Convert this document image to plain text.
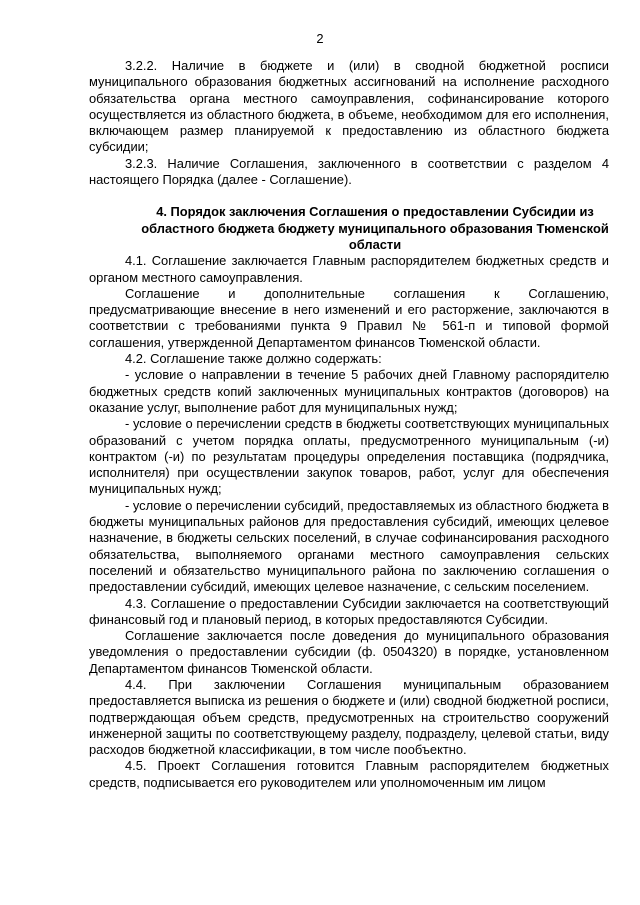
2

3.2.2. Наличие в бюджете и (или) в сводной бюджетной росписи муниципального образования бюджетных ассигнований на исполнение расходного обязательства органа местного самоуправления, софинансирование которого осуществляется из областного бюджета, в объеме, необходимом для его исполнения, включающем размер планируемой к предоставлению из областного бюджета субсидии;

3.2.3. Наличие Соглашения, заключенного в соответствии с разделом 4 настоящего Порядка (далее - Соглашение).

4. Порядок заключения Соглашения о предоставлении Субсидии из областного бюджета бюджету муниципального образования Тюменской области

4.1. Соглашение заключается Главным распорядителем бюджетных средств и органом местного самоуправления.

Соглашение и дополнительные соглашения к Соглашению, предусматривающие внесение в него изменений и его расторжение, заключаются в соответствии с требованиями пункта 9 Правил № 561-п и типовой формой соглашения, утвержденной Департаментом финансов Тюменской области.

4.2. Соглашение также должно содержать:

- условие о направлении в течение 5 рабочих дней Главному распорядителю бюджетных средств копий заключенных муниципальных контрактов (договоров) на оказание услуг, выполнение работ для муниципальных нужд;

- условие о перечислении средств в бюджеты соответствующих муниципальных образований с учетом порядка оплаты, предусмотренного муниципальным (-и) контрактом (-и) по результатам процедуры определения поставщика (подрядчика, исполнителя) при осуществлении закупок товаров, работ, услуг для обеспечения муниципальных нужд;

- условие о перечислении субсидий, предоставляемых из областного бюджета в бюджеты муниципальных районов для предоставления субсидий, имеющих целевое назначение, в бюджеты сельских поселений, в случае софинансирования расходного обязательства, выполняемого органами местного самоуправления сельских поселений и обязательство муниципального района по заключению соглашения о предоставлении субсидий, имеющих целевое назначение, с сельским поселением.

4.3. Соглашение о предоставлении Субсидии заключается на соответствующий финансовый год и плановый период, в которых предоставляются Субсидии.

Соглашение заключается после доведения до муниципального образования уведомления о предоставлении субсидии (ф. 0504320) в порядке, установленном Департаментом финансов Тюменской области.

4.4. При заключении Соглашения муниципальным образованием предоставляется выписка из решения о бюджете и (или) сводной бюджетной росписи, подтверждающая объем средств, предусмотренных на строительство сооружений инженерной защиты по соответствующему разделу, подразделу, целевой статьи, виду расходов бюджетной классификации, в том числе пообъектно.

4.5. Проект Соглашения готовится Главным распорядителем бюджетных средств, подписывается его руководителем или уполномоченным им лицом
